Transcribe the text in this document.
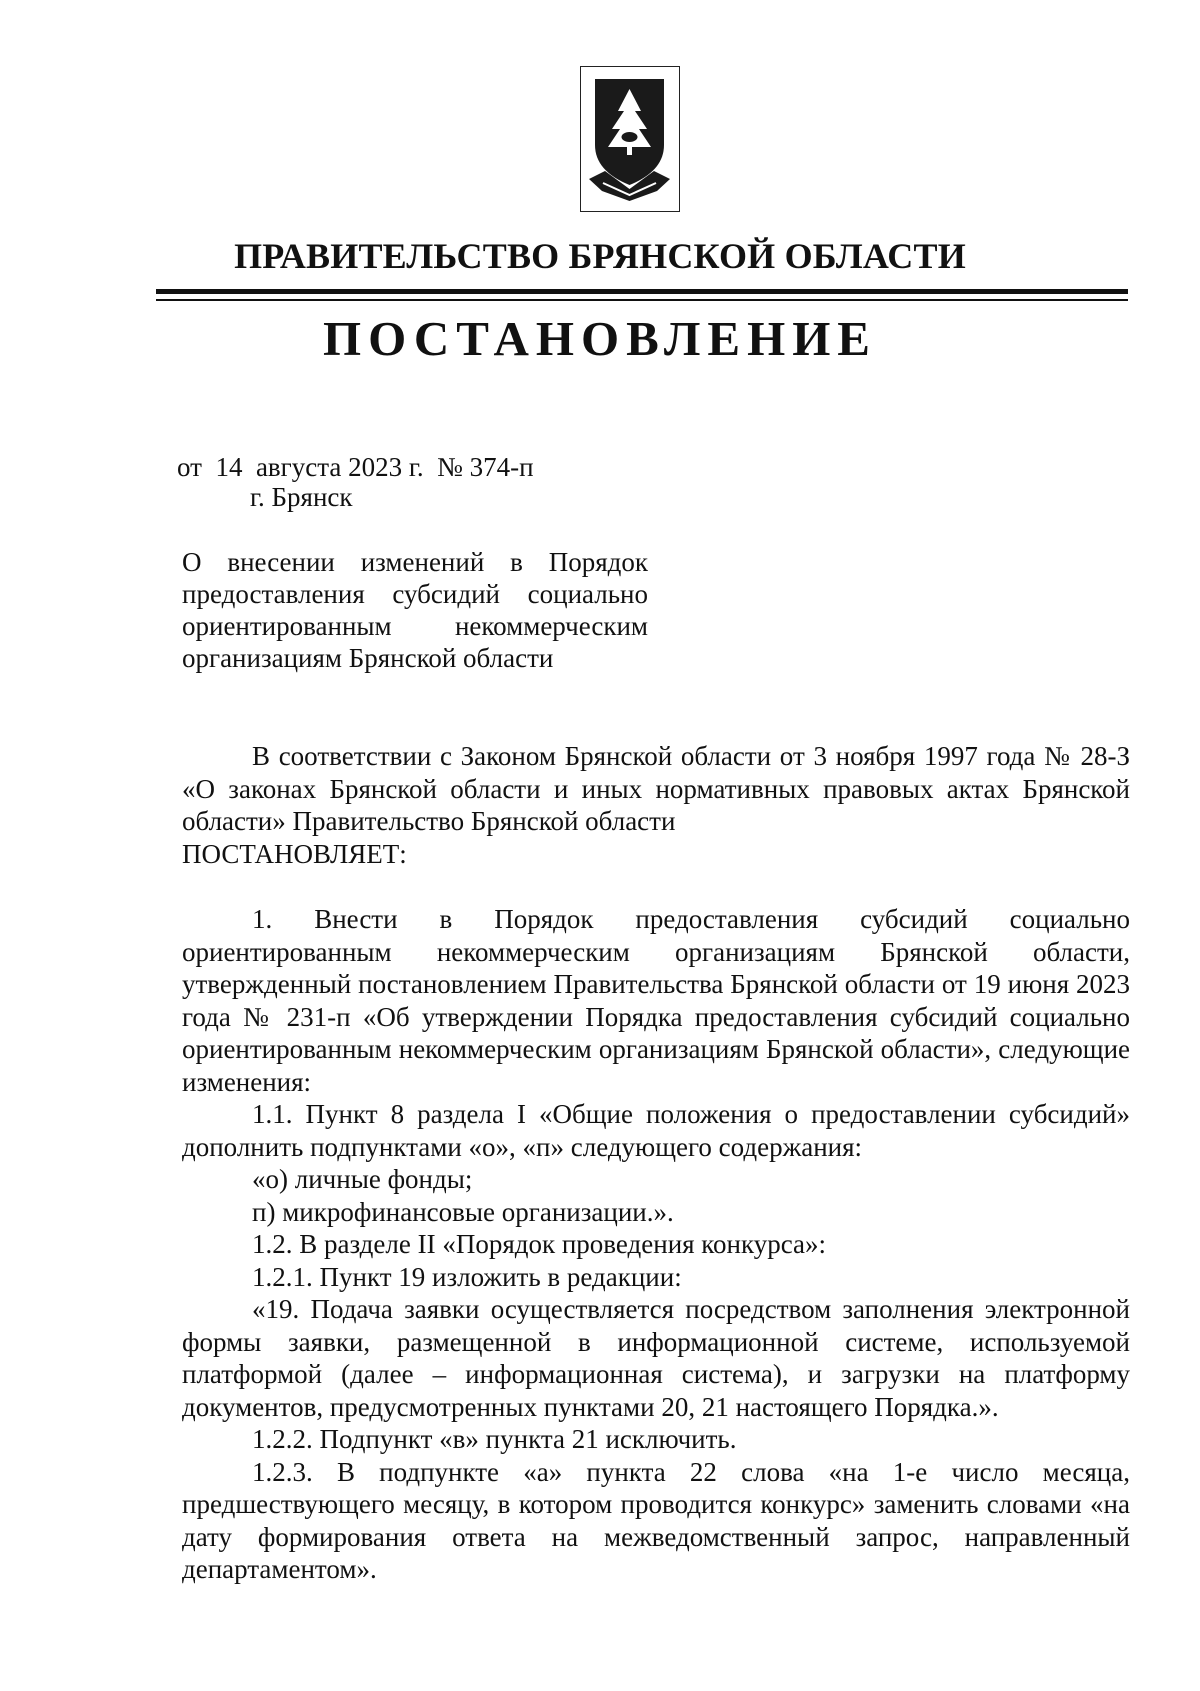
ПРАВИТЕЛЬСТВО БРЯНСКОЙ ОБЛАСТИ
ПОСТАНОВЛЕНИЕ
от  14  августа 2023 г.  № 374-п
г. Брянск
О внесении изменений в Порядок предоставления субсидий социально ориентированным некоммерческим организациям Брянской области

В соответствии с Законом Брянской области от 3 ноября 1997 года № 28-З «О законах Брянской области и иных нормативных правовых актах Брянской области» Правительство Брянской области

ПОСТАНОВЛЯЕТ:

1. Внести в Порядок предоставления субсидий социально ориентированным некоммерческим организациям Брянской области, утвержденный постановлением Правительства Брянской области от 19 июня 2023 года № 231-п «Об утверждении Порядка предоставления субсидий социально ориентированным некоммерческим организациям Брянской области», следующие изменения:

1.1. Пункт 8 раздела I «Общие положения о предоставлении субсидий» дополнить подпунктами «о», «п» следующего содержания:

«о) личные фонды;

п) микрофинансовые организации.».

1.2. В разделе II «Порядок проведения конкурса»:

1.2.1. Пункт 19 изложить в редакции:

«19. Подача заявки осуществляется посредством заполнения электронной формы заявки, размещенной в информационной системе, используемой платформой (далее – информационная система), и загрузки на платформу документов, предусмотренных пунктами 20, 21 настоящего Порядка.».

1.2.2. Подпункт «в» пункта 21 исключить.

1.2.3. В подпункте «а» пункта 22 слова «на 1-е число месяца, предшествующего месяцу, в котором проводится конкурс» заменить словами «на дату формирования ответа на межведомственный запрос, направленный департаментом».
